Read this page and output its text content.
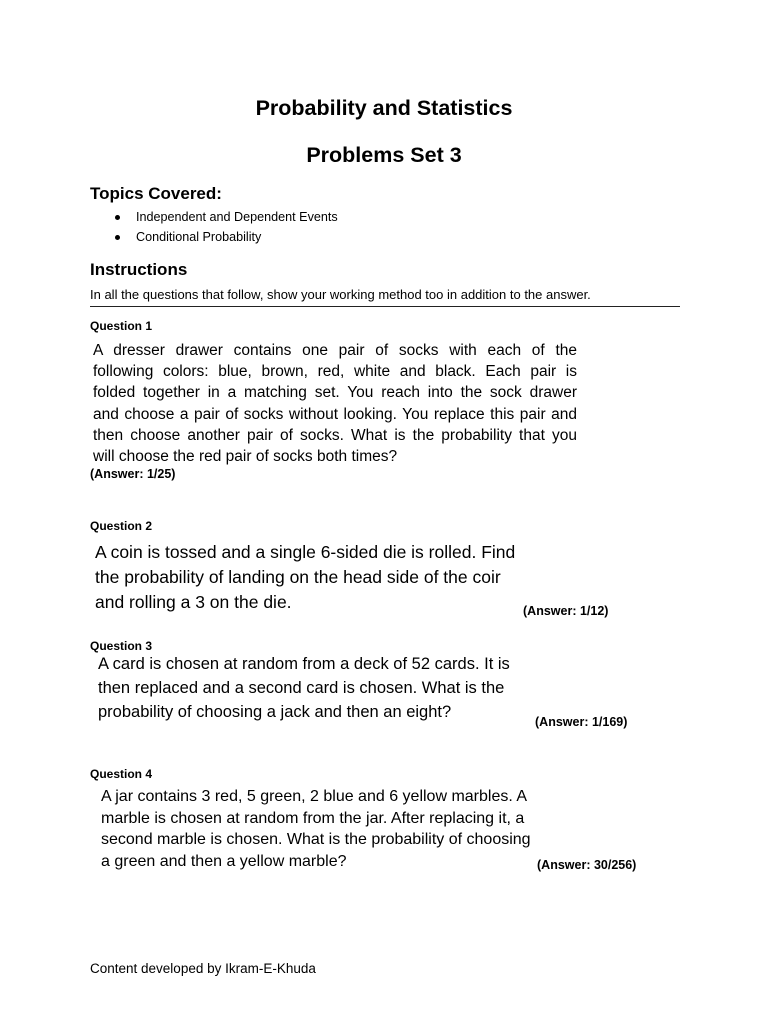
Probability and Statistics
Problems Set 3
Topics Covered:
Independent and Dependent Events
Conditional Probability
Instructions
In all the questions that follow, show your working method too in addition to the answer.
Question 1
A dresser drawer contains one pair of socks with each of the
following colors: blue, brown, red, white and black. Each pair is
folded together in a matching set. You reach into the sock drawer
and choose a pair of socks without looking. You replace this pair and
then choose another pair of socks. What is the probability that you
will choose the red pair of socks both times?
(Answer: 1/25)
Question 2
A coin is tossed and a single 6-sided die is rolled. Find
the probability of landing on the head side of the coir
and rolling a 3 on the die.	(Answer: 1/12)
Question 3
A card is chosen at random from a deck of 52 cards. It is
then replaced and a second card is chosen. What is the
probability of choosing a jack and then an eight?
(Answer: 1/169)
Question 4
A jar contains 3 red, 5 green, 2 blue and 6 yellow marbles. A
marble is chosen at random from the jar. After replacing it, a
second marble is chosen. What is the probability of choosing
a green and then a yellow marble?	(Answer: 30/256)
Content developed by Ikram-E-Khuda
